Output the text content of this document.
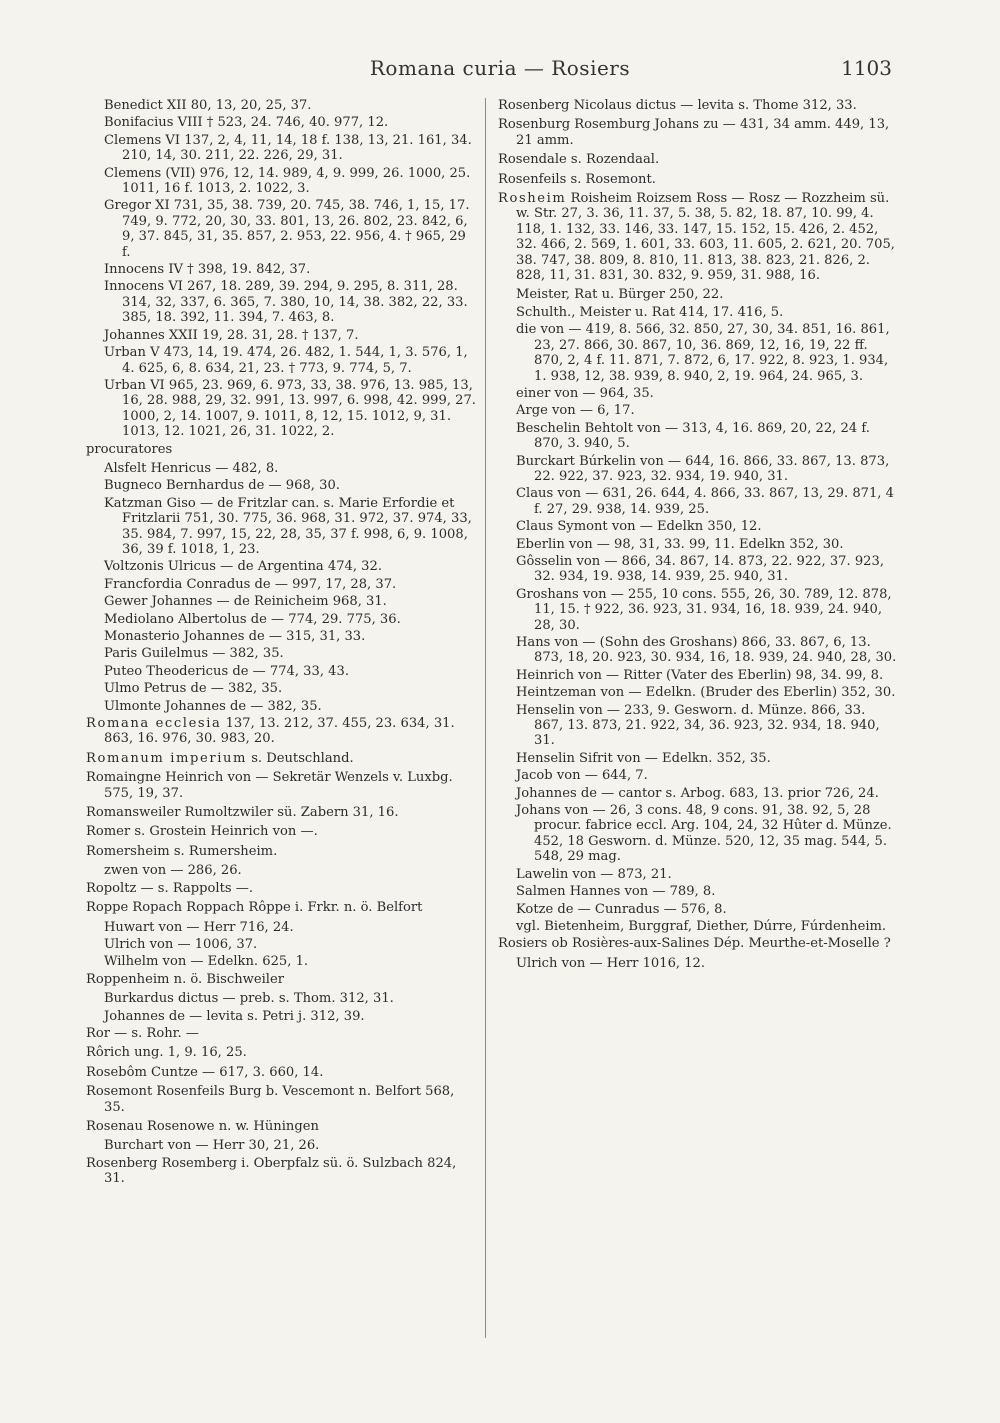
Romana curia — Rosiers	1103
Benedict XII 80, 13, 20, 25, 37.
Bonifacius VIII † 523, 24. 746, 40. 977, 12.
Clemens VI 137, 2, 4, 11, 14, 18 f. 138, 13, 21. 161, 34. 210, 14, 30. 211, 22. 226, 29, 31.
Clemens (VII) 976, 12, 14. 989, 4, 9. 999, 26. 1000, 25. 1011, 16 f. 1013, 2. 1022, 3.
Gregor XI 731, 35, 38. 739, 20. 745, 38. 746, 1, 15, 17. 749, 9. 772, 20, 30, 33. 801, 13, 26. 802, 23. 842, 6, 9, 37. 845, 31, 35. 857, 2. 953, 22. 956, 4. † 965, 29 f.
Innocens IV † 398, 19. 842, 37.
Innocens VI 267, 18. 289, 39. 294, 9. 295, 8. 311, 28. 314, 32, 337, 6. 365, 7. 380, 10, 14, 38. 382, 22, 33. 385, 18. 392, 11. 394, 7. 463, 8.
Johannes XXII 19, 28. 31, 28. † 137, 7.
Urban V 473, 14, 19. 474, 26. 482, 1. 544, 1, 3. 576, 1, 4. 625, 6, 8. 634, 21, 23. † 773, 9. 774, 5, 7.
Urban VI 965, 23. 969, 6. 973, 33, 38. 976, 13. 985, 13, 16, 28. 988, 29, 32. 991, 13. 997, 6. 998, 42. 999, 27. 1000, 2, 14. 1007, 9. 1011, 8, 12, 15. 1012, 9, 31. 1013, 12. 1021, 26, 31. 1022, 2.
procuratores
Alsfelt Henricus — 482, 8.
Bugneco Bernhardus de — 968, 30.
Katzman Giso — de Fritzlar can. s. Marie Erfordie et Fritzlarii 751, 30. 775, 36. 968, 31. 972, 37. 974, 33, 35. 984, 7. 997, 15, 22, 28, 35, 37 f. 998, 6, 9. 1008, 36, 39 f. 1018, 1, 23.
Voltzonis Ulricus — de Argentina 474, 32.
Francfordia Conradus de — 997, 17, 28, 37.
Gewer Johannes — de Reinicheim 968, 31.
Mediolano Albertolus de — 774, 29. 775, 36.
Monasterio Johannes de — 315, 31, 33.
Paris Guilelmus — 382, 35.
Puteo Theodericus de — 774, 33, 43.
Ulmo Petrus de — 382, 35.
Ulmonte Johannes de — 382, 35.
Romana ecclesia 137, 13. 212, 37. 455, 23. 634, 31. 863, 16. 976, 30. 983, 20.
Romanum imperium s. Deutschland.
Romaingne Heinrich von — Sekretär Wenzels v. Luxbg. 575, 19, 37.
Romansweiler Rumoltzwiler sü. Zabern 31, 16.
Romer s. Grostein Heinrich von —.
Romersheim s. Rumersheim.
zwen von — 286, 26.
Ropoltz — s. Rappolts —.
Roppe Ropach Roppach Rôppe i. Frkr. n. ö. Belfort
Huwart von — Herr 716, 24.
Ulrich von — 1006, 37.
Wilhelm von — Edelkn. 625, 1.
Roppenheim n. ö. Bischweiler
Burkardus dictus — preb. s. Thom. 312, 31.
Johannes de — levita s. Petri j. 312, 39.
Ror — s. Rohr. —
Rôrich ung. 1, 9. 16, 25.
Rosebôm Cuntze — 617, 3. 660, 14.
Rosemont Rosenfeils Burg b. Vescemont n. Belfort 568, 35.
Rosenau Rosenowe n. w. Hüningen
Burchart von — Herr 30, 21, 26.
Rosenberg Rosemberg i. Oberpfalz sü. ö. Sulzbach 824, 31.
Rosenberg Nicolaus dictus — levita s. Thome 312, 33.
Rosenburg Rosemburg Johans zu — 431, 34 amm. 449, 13, 21 amm.
Rosendale s. Rozendaal.
Rosenfeils s. Rosemont.
Rosheim Roisheim Roizsem Ross — Rosz — Rozzheim sü. w. Str. 27, 3. 36, 11. 37, 5. 38, 5. 82, 18. 87, 10. 99, 4. 118, 1. 132, 33. 146, 33. 147, 15. 152, 15. 426, 2. 452, 32. 466, 2. 569, 1. 601, 33. 603, 11. 605, 2. 621, 20. 705, 38. 747, 38. 809, 8. 810, 11. 813, 38. 823, 21. 826, 2. 828, 11, 31. 831, 30. 832, 9. 959, 31. 988, 16.
Meister, Rat u. Bürger 250, 22.
Schulth., Meister u. Rat 414, 17. 416, 5.
die von — 419, 8. 566, 32. 850, 27, 30, 34. 851, 16. 861, 23, 27. 866, 30. 867, 10, 36. 869, 12, 16, 19, 22 ff. 870, 2, 4 f. 11. 871, 7. 872, 6, 17. 922, 8. 923, 1. 934, 1. 938, 12, 38. 939, 8. 940, 2, 19. 964, 24. 965, 3.
einer von — 964, 35.
Arge von — 6, 17.
Beschelin Behtolt von — 313, 4, 16. 869, 20, 22, 24 f. 870, 3. 940, 5.
Burckart Búrkelin von — 644, 16. 866, 33. 867, 13. 873, 22. 922, 37. 923, 32. 934, 19. 940, 31.
Claus von — 631, 26. 644, 4. 866, 33. 867, 13, 29. 871, 4 f. 27, 29. 938, 14. 939, 25.
Claus Symont von — Edelkn 350, 12.
Eberlin von — 98, 31, 33. 99, 11. Edelkn 352, 30.
Gôsselin von — 866, 34. 867, 14. 873, 22. 922, 37. 923, 32. 934, 19. 938, 14. 939, 25. 940, 31.
Groshans von — 255, 10 cons. 555, 26, 30. 789, 12. 878, 11, 15. † 922, 36. 923, 31. 934, 16, 18. 939, 24. 940, 28, 30.
Hans von — (Sohn des Groshans) 866, 33. 867, 6, 13. 873, 18, 20. 923, 30. 934, 16, 18. 939, 24. 940, 28, 30.
Heinrich von — Ritter (Vater des Eberlin) 98, 34. 99, 8.
Heintzeman von — Edelkn. (Bruder des Eberlin) 352, 30.
Henselin von — 233, 9. Gesworn. d. Münze. 866, 33. 867, 13. 873, 21. 922, 34, 36. 923, 32. 934, 18. 940, 31.
Henselin Sifrit von — Edelkn. 352, 35.
Jacob von — 644, 7.
Johannes de — cantor s. Arbog. 683, 13. prior 726, 24.
Johans von — 26, 3 cons. 48, 9 cons. 91, 38. 92, 5, 28 procur. fabrice eccl. Arg. 104, 24, 32 Hûter d. Münze. 452, 18 Gesworn. d. Münze. 520, 12, 35 mag. 544, 5. 548, 29 mag.
Lawelin von — 873, 21.
Salmen Hannes von — 789, 8.
Kotze de — Cunradus — 576, 8.
vgl. Bietenheim, Burggraf, Diether, Dúrre, Fúrdenheim.
Rosiers ob Rosières-aux-Salines Dép. Meurthe-et-Moselle ?
Ulrich von — Herr 1016, 12.
